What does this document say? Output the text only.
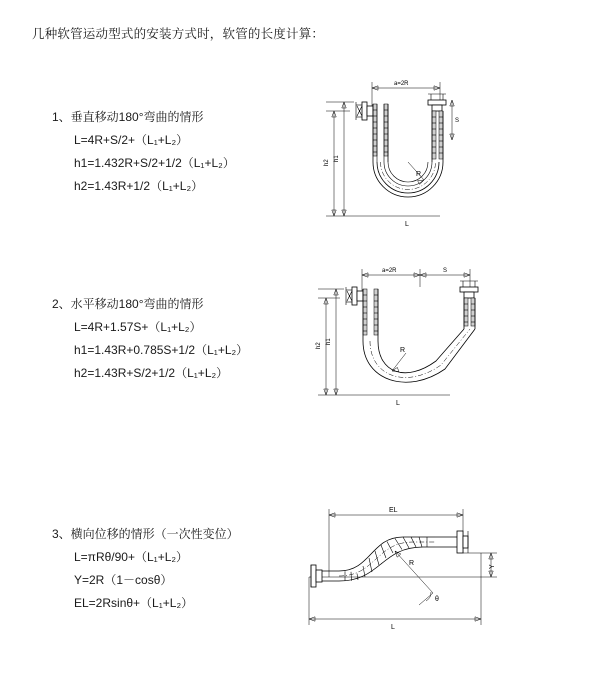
几种软管运动型式的安装方式时，软管的长度计算：
1、垂直移动180°弯曲的情形
L=4R+S/2+（L₁+L₂）
h1=1.432R+S/2+1/2（L₁+L₂）
h2=1.43R+1/2（L₁+L₂）
a=2R
S
R
h1
h2
L
2、水平移动180°弯曲的情形
L=4R+1.57S+（L₁+L₂）
h1=1.43R+0.785S+1/2（L₁+L₂）
h2=1.43R+S/2+1/2（L₁+L₂）
a=2R	S
R
h1
h2
L
3、横向位移的情形（一次性变位）
L=πRθ/90+（L₁+L₂）
Y=2R（1－cosθ）
EL=2Rsinθ+（L₁+L₂）
EL
L
Y
R
θ
